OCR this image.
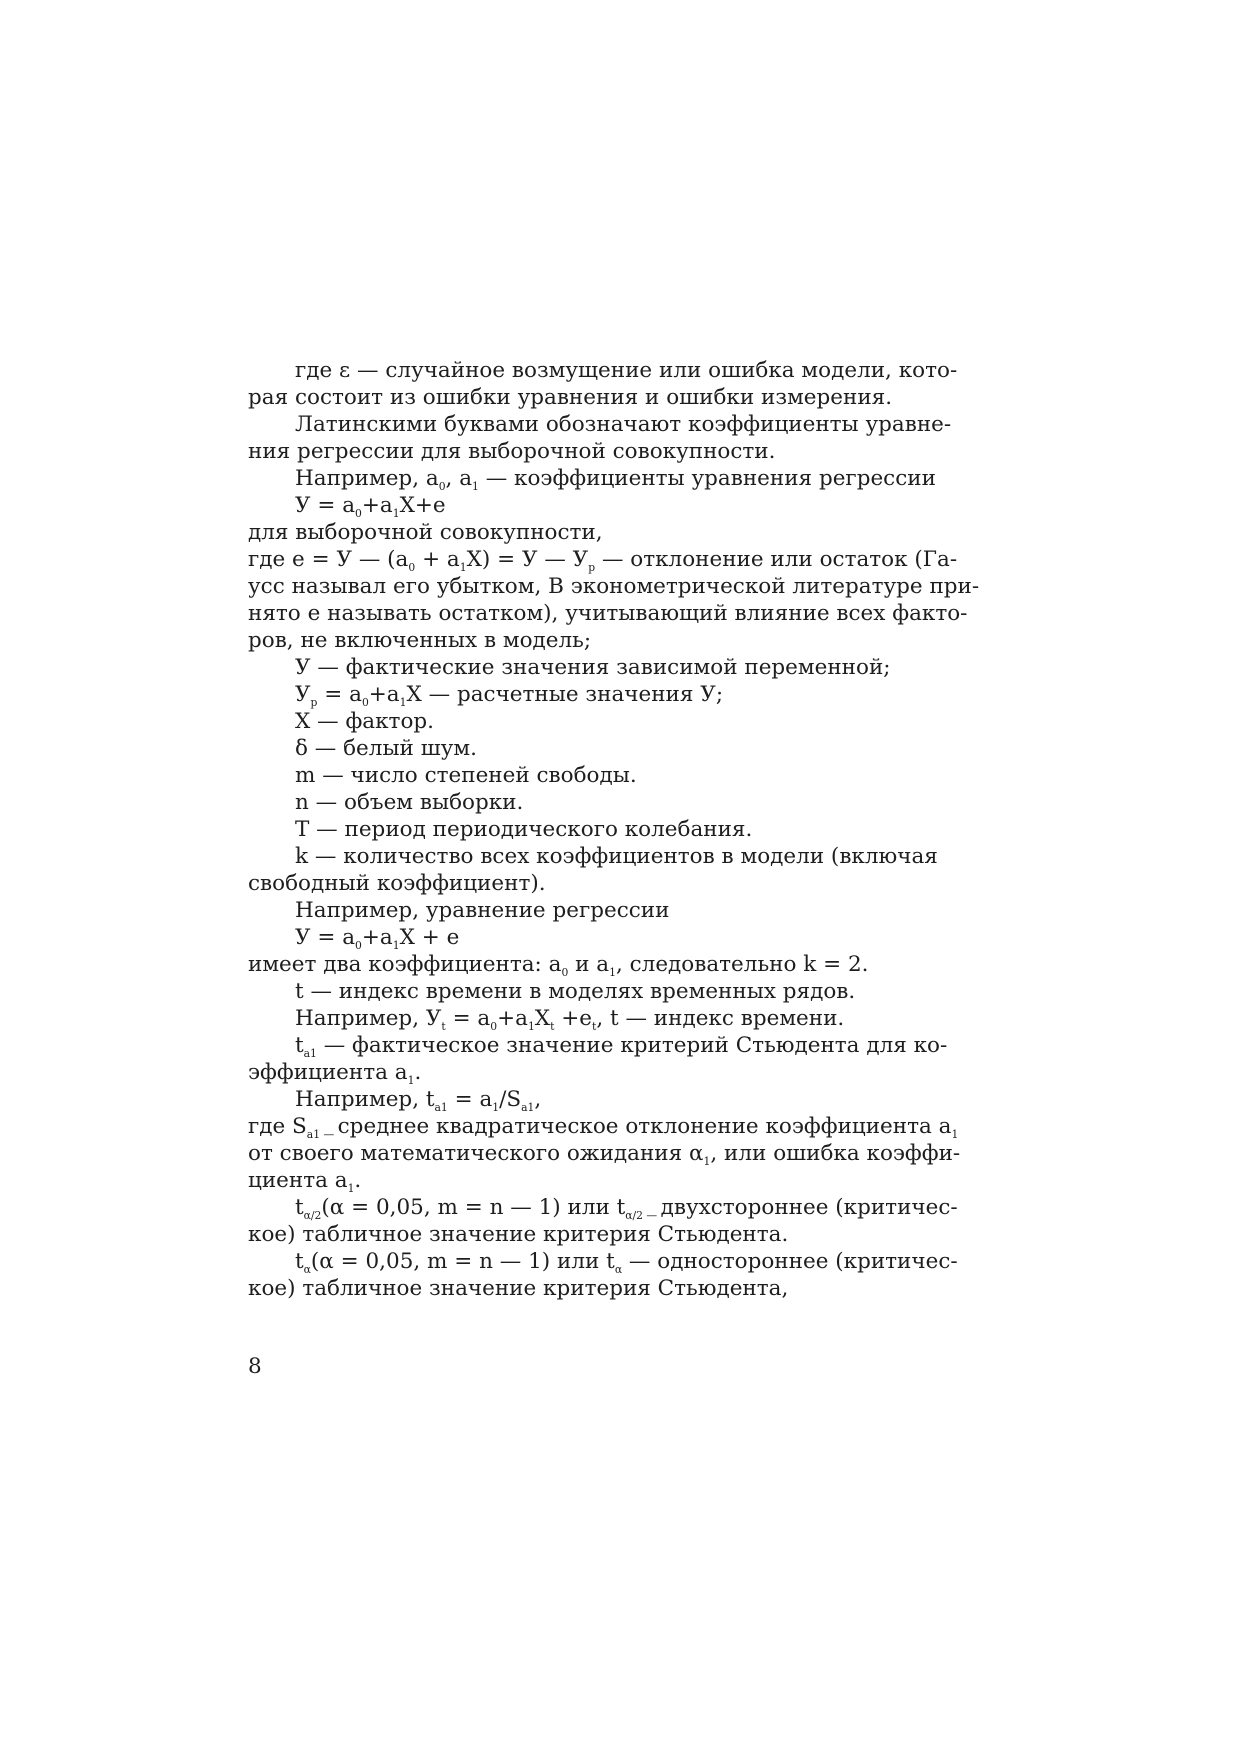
где ε — случайное возмущение или ошибка модели, кото-
рая состоит из ошибки уравнения и ошибки измерения.
Латинскими буквами обозначают коэффициенты уравне-
ния регрессии для выборочной совокупности.
Например, $a_0$, $a_1$ — коэффициенты уравнения регрессии
$У = a_0+a_1X+e$
для выборочной совокупности,
где e = У — $(a_0 + a_1X) = У$ — $У_р$ — отклонение или остаток (Га-
усс называл его убытком, В эконометрической литературе при-
нято e называть остатком), учитывающий влияние всех факто-
ров, не включенных в модель;
У — фактические значения зависимой переменной;
$У_р = a_0+a_1X$ — расчетные значения У;
X — фактор.
δ — белый шум.
m — число степеней свободы.
n — объем выборки.
T — период периодического колебания.
k — количество всех коэффициентов в модели (включая
свободный коэффициент).
Например, уравнение регрессии
$У = a_0+a_1X + e$
имеет два коэффициента: $a_0$ и $a_1$, следовательно k = 2.
t — индекс времени в моделях временных рядов.
Например, $У_t = a_0+a_1X_t +e_t$, t — индекс времени.
$t_{a1}$ — фактическое значение критерий Стьюдента для ко-
эффициента $a_1$.
Например, $t_{a1} = a_1/S_{a1}$,
где $S_{a1 —}$ среднее квадратическое отклонение коэффициента $a_1$
от своего математического ожидания $\alpha_1$, или ошибка коэффи-
циента $a_1$.
$t_{\alpha/2}(\alpha = 0,05$, m = n — 1) или $t_{\alpha/2 —}$ двухстороннее (критичес-
кое) табличное значение критерия Стьюдента.
$t_\alpha(\alpha = 0,05$, m = n — 1) или $t_\alpha$ — одностороннее (критичес-
кое) табличное значение критерия Стьюдента,
8
